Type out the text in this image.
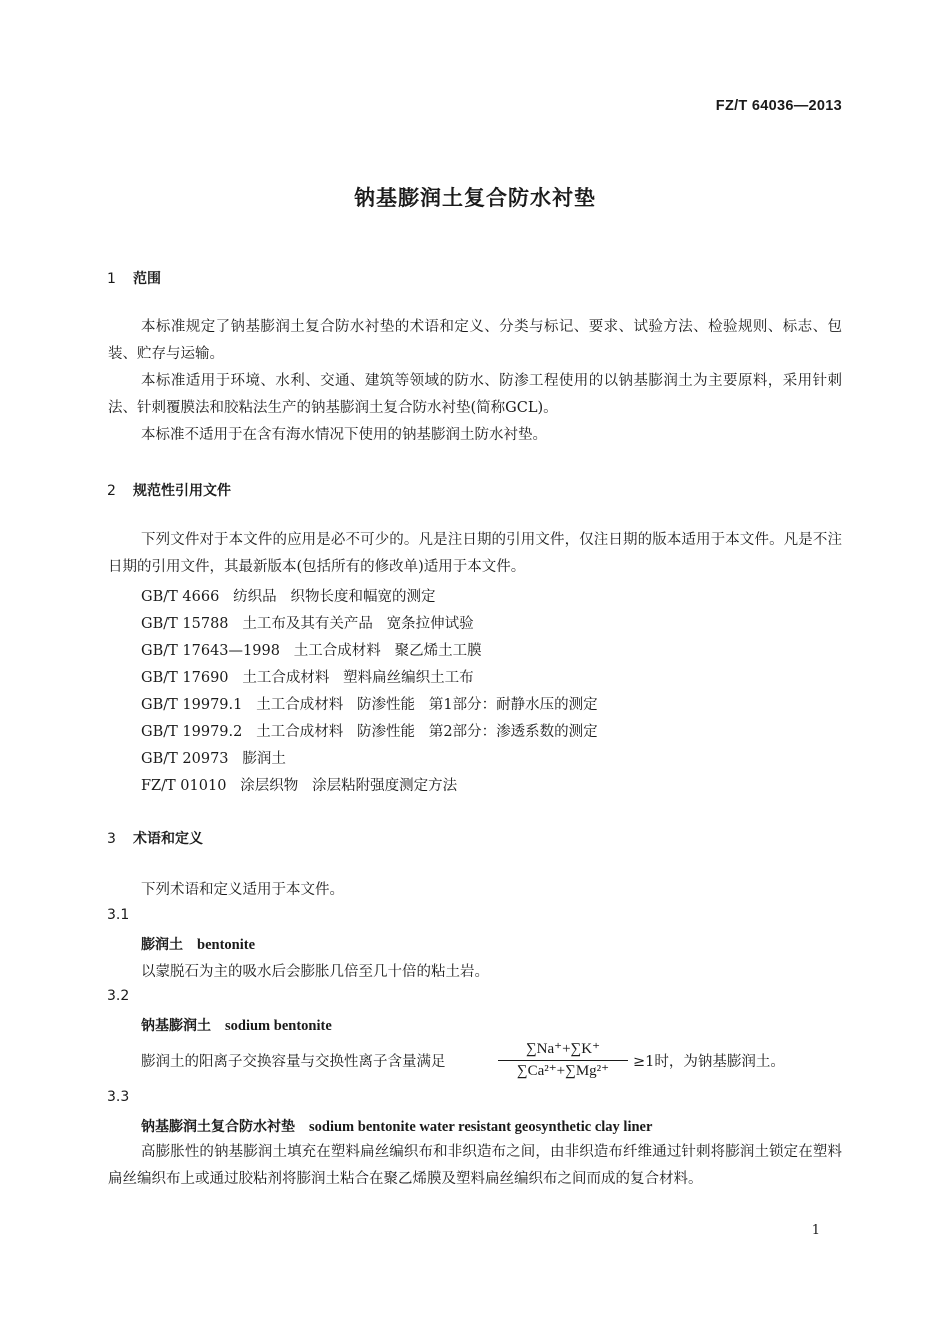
FZ/T 64036—2013
钠基膨润土复合防水衬垫
1 范围
本标准规定了钠基膨润土复合防水衬垫的术语和定义、分类与标记、要求、试验方法、检验规则、标志、包装、贮存与运输。
本标准适用于环境、水利、交通、建筑等领域的防水、防渗工程使用的以钠基膨润土为主要原料，采用针刺法、针刺覆膜法和胶粘法生产的钠基膨润土复合防水衬垫(简称GCL)。
本标准不适用于在含有海水情况下使用的钠基膨润土防水衬垫。
2 规范性引用文件
下列文件对于本文件的应用是必不可少的。凡是注日期的引用文件，仅注日期的版本适用于本文件。凡是不注日期的引用文件，其最新版本(包括所有的修改单)适用于本文件。
GB/T 4666   纺织品   织物长度和幅宽的测定
GB/T 15788   土工布及其有关产品   宽条拉伸试验
GB/T 17643—1998   土工合成材料   聚乙烯土工膜
GB/T 17690   土工合成材料   塑料扁丝编织土工布
GB/T 19979.1   土工合成材料   防渗性能   第1部分：耐静水压的测定
GB/T 19979.2   土工合成材料   防渗性能   第2部分：渗透系数的测定
GB/T 20973   膨润土
FZ/T 01010   涂层织物   涂层粘附强度测定方法
3 术语和定义
下列术语和定义适用于本文件。
3.1
膨润土 bentonite
以蒙脱石为主的吸水后会膨胀几倍至几十倍的粘土岩。
3.2
钠基膨润土 sodium bentonite
膨润土的阳离子交换容量与交换性离子含量满足
∑Na⁺+∑K⁺
∑Ca²⁺+∑Mg²⁺
≥1时，为钠基膨润土。
3.3
钠基膨润土复合防水衬垫 sodium bentonite water resistant geosynthetic clay liner
高膨胀性的钠基膨润土填充在塑料扁丝编织布和非织造布之间，由非织造布纤维通过针刺将膨润土锁定在塑料扁丝编织布上或通过胶粘剂将膨润土粘合在聚乙烯膜及塑料扁丝编织布之间而成的复合材料。
1
